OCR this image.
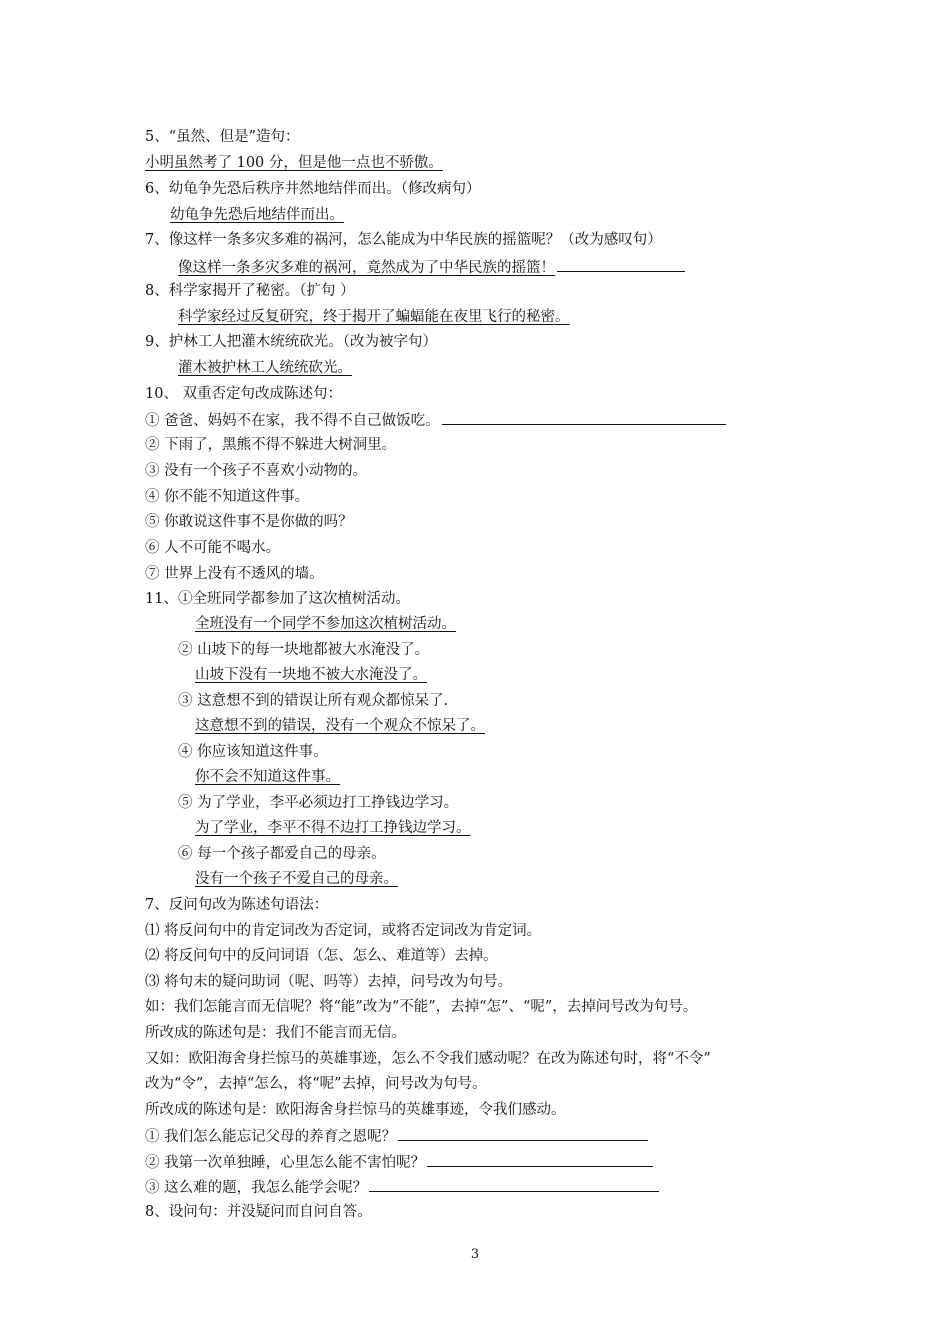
5、“虽然、但是”造句：
小明虽然考了 100 分，但是他一点也不骄傲。
6、幼龟争先恐后秩序井然地结伴而出。（修改病句）
幼龟争先恐后地结伴而出。
7、像这样一条多灾多难的祸河，怎么能成为中华民族的摇篮呢？（改为感叹句）
像这样一条多灾多难的祸河，竟然成为了中华民族的摇篮！
8、科学家揭开了秘密。（扩句 ）
科学家经过反复研究，终于揭开了蝙蝠能在夜里飞行的秘密。
9、护林工人把灌木统统砍光。（改为被字句）
灌木被护林工人统统砍光。
10、 双重否定句改成陈述句：
① 爸爸、妈妈不在家，我不得不自己做饭吃。
② 下雨了，黑熊不得不躲进大树洞里。
③ 没有一个孩子不喜欢小动物的。
④ 你不能不知道这件事。
⑤ 你敢说这件事不是你做的吗？
⑥ 人不可能不喝水。
⑦ 世界上没有不透风的墙。
11、①全班同学都参加了这次植树活动。
全班没有一个同学不参加这次植树活动。
② 山坡下的每一块地都被大水淹没了。
山坡下没有一块地不被大水淹没了。
③ 这意想不到的错误让所有观众都惊呆了.
这意想不到的错误，没有一个观众不惊呆了。
④ 你应该知道这件事。
你不会不知道这件事。
⑤ 为了学业，李平必须边打工挣钱边学习。
为了学业，李平不得不边打工挣钱边学习。
⑥ 每一个孩子都爱自己的母亲。
没有一个孩子不爱自己的母亲。
7、反问句改为陈述句语法：
⑴ 将反问句中的肯定词改为否定词，或将否定词改为肯定词。
⑵ 将反问句中的反问词语（怎、怎么、难道等）去掉。
⑶ 将句末的疑问助词（呢、吗等）去掉，问号改为句号。
如：我们怎能言而无信呢？将“能”改为“不能”，去掉“怎”、“呢”，去掉问号改为句号。
所改成的陈述句是：我们不能言而无信。
又如：欧阳海舍身拦惊马的英雄事迹，怎么不令我们感动呢？在改为陈述句时，将“不令”
改为“令”，去掉“怎么，将“呢”去掉，问号改为句号。
所改成的陈述句是：欧阳海舍身拦惊马的英雄事迹，令我们感动。
① 我们怎么能忘记父母的养育之恩呢？
② 我第一次单独睡，心里怎么能不害怕呢？
③ 这么难的题，我怎么能学会呢？
8、设问句：并没疑问而自问自答。
3
